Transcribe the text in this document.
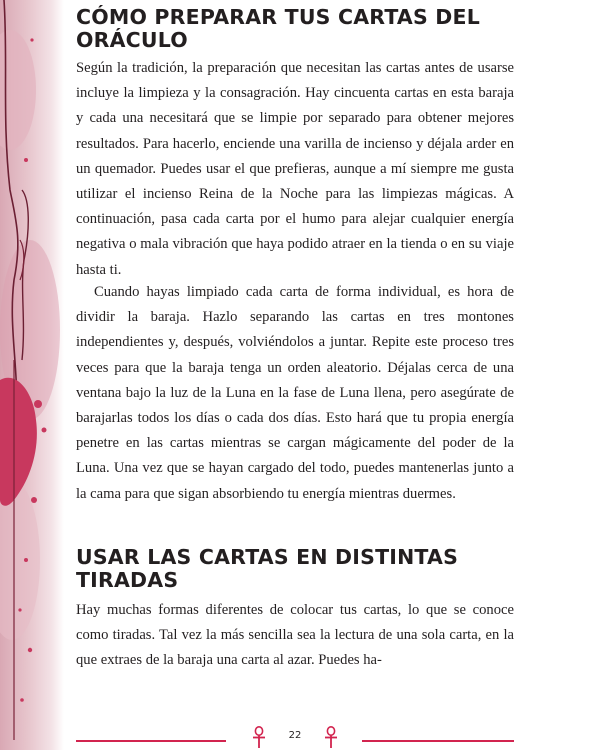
CÓMO PREPARAR TUS CARTAS DEL ORÁCULO

Según la tradición, la preparación que necesitan las cartas antes de usarse incluye la limpieza y la consagración. Hay cincuenta cartas en esta baraja y cada una necesitará que se limpie por separado para obtener mejores resultados. Para hacerlo, enciende una varilla de incienso y déjala arder en un quemador. Puedes usar el que prefieras, aunque a mí siempre me gusta utilizar el incienso Reina de la Noche para las limpiezas mágicas. A continuación, pasa cada carta por el humo para alejar cualquier energía negativa o mala vibración que haya podido atraer en la tienda o en su viaje hasta ti.

Cuando hayas limpiado cada carta de forma individual, es hora de dividir la baraja. Hazlo separando las cartas en tres montones independientes y, después, volviéndolos a juntar. Repite este proceso tres veces para que la baraja tenga un orden aleatorio. Déjalas cerca de una ventana bajo la luz de la Luna en la fase de Luna llena, pero asegúrate de barajarlas todos los días o cada dos días. Esto hará que tu propia energía penetre en las cartas mientras se cargan mágicamente del poder de la Luna. Una vez que se hayan cargado del todo, puedes mantenerlas junto a la cama para que sigan absorbiendo tu energía mientras duermes.

USAR LAS CARTAS EN DISTINTAS TIRADAS

Hay muchas formas diferentes de colocar tus cartas, lo que se conoce como tiradas. Tal vez la más sencilla sea la lectura de una sola carta, en la que extraes de la baraja una carta al azar. Puedes ha-

22
